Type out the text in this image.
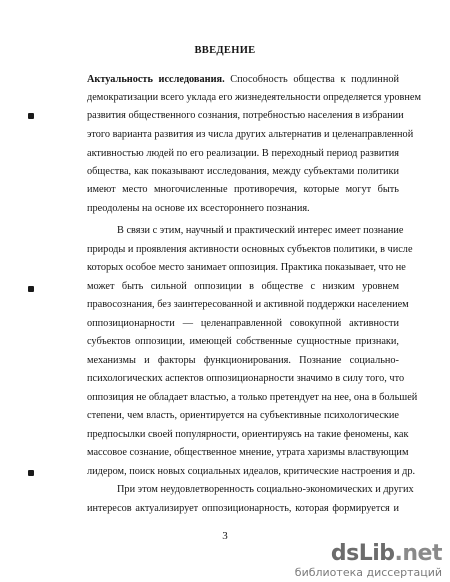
ВВЕДЕНИЕ
Актуальность исследования. Способность общества к подлинной
демократизации всего уклада его жизнедеятельности определяется уровнем
развития общественного сознания, потребностью населения в избрании
этого варианта развития из числа других альтернатив и целенаправленной
активностью людей по его реализации. В переходный период развития
общества, как показывают исследования, между субъектами политики
имеют место многочисленные противоречия, которые могут быть
преодолены на основе их всестороннего познания.
В связи с этим, научный и практический интерес имеет познание
природы и проявления активности основных субъектов политики, в числе
которых особое место занимает оппозиция. Практика показывает, что не
может быть сильной оппозиции в обществе с низким уровнем
правосознания, без заинтересованной и активной поддержки населением
оппозиционарности — целенаправленной совокупной активности
субъектов оппозиции, имеющей собственные сущностные признаки,
механизмы и факторы функционирования. Познание социально-
психологических аспектов оппозиционарности значимо в силу того, что
оппозиция не обладает властью, а только претендует на нее, она в большей
степени, чем власть, ориентируется на субъективные психологические
предпосылки своей популярности, ориентируясь на такие феномены, как
массовое сознание, общественное мнение, утрата харизмы властвующим
лидером, поиск новых социальных идеалов, критические настроения и др.
При этом неудовлетворенность социально-экономических и других
интересов актуализирует оппозиционарность, которая формируется и
3
dsLib.net
библиотека диссертаций
